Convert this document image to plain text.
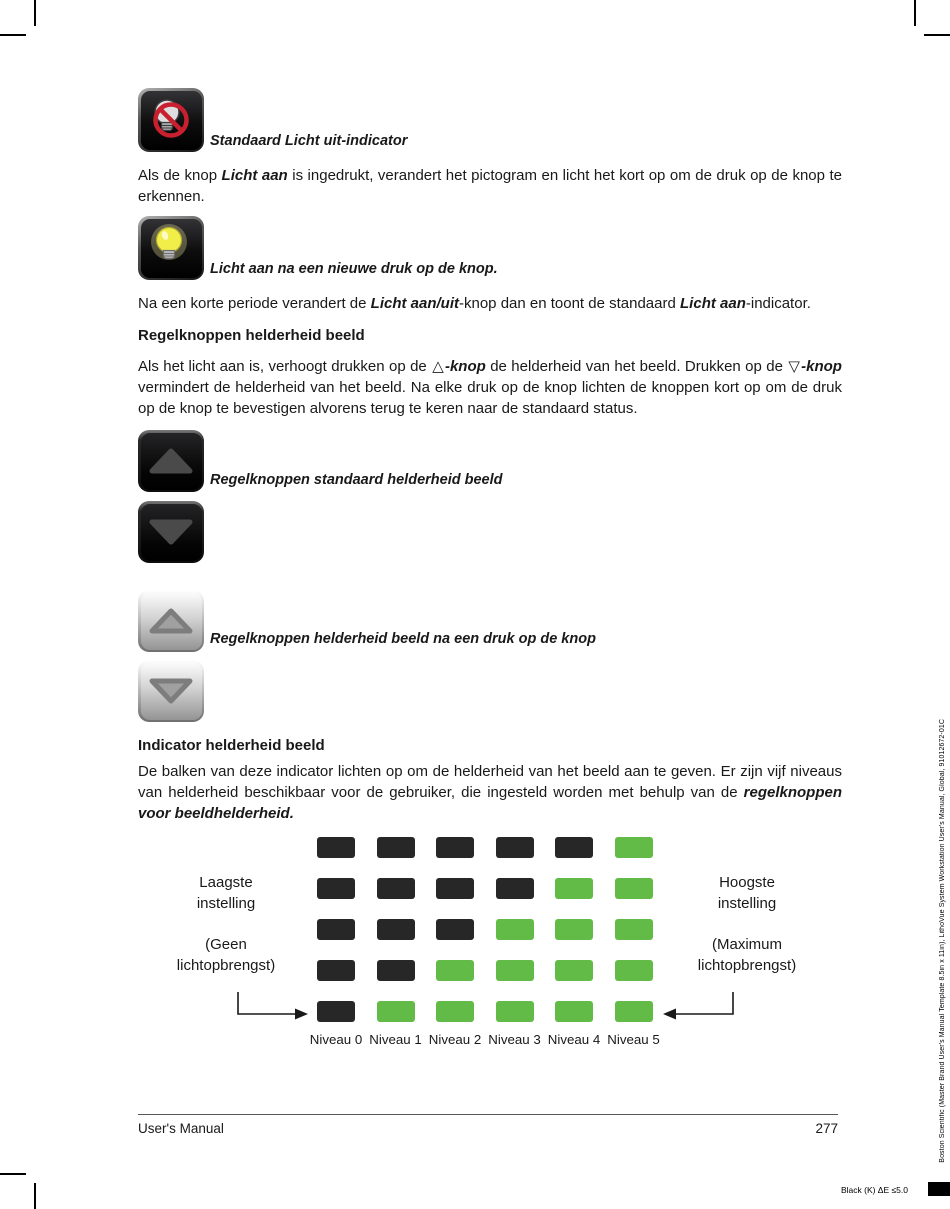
Standaard Licht uit-indicator

Als de knop Licht aan is ingedrukt, verandert het pictogram en licht het kort op om de druk op de knop te erkennen.

Licht aan na een nieuwe druk op de knop.

Na een korte periode verandert de Licht aan/uit-knop dan en toont de standaard Licht aan-indicator.

Regelknoppen helderheid beeld

Als het licht aan is, verhoogt drukken op de △-knop de helderheid van het beeld. Drukken op de ▽-knop vermindert de helderheid van het beeld. Na elke druk op de knop lichten de knoppen kort op om de druk op de knop te bevestigen alvorens terug te keren naar de standaard status.

Regelknoppen standaard helderheid beeld
Regelknoppen helderheid beeld na een druk op de knop
Indicator helderheid beeld

De balken van deze indicator lichten op om de helderheid van het beeld aan te geven. Er zijn vijf niveaus van helderheid beschikbaar voor de gebruiker, die ingesteld worden met behulp van de regelknoppen voor beeldhelderheid.

Niveau 0 Niveau 1 Niveau 2 Niveau 3 Niveau 4 Niveau 5
Laagste instelling
(Geen lichtopbrengst)
Hoogste instelling
(Maximum lichtopbrengst)
User's Manual	277	Boston Scientific (Master Brand User's Manual Template 8.5in x 11in), LithoVue System Workstation User's Manual, Global, 91012672-01C
Black (K) ΔE ≤5.0
